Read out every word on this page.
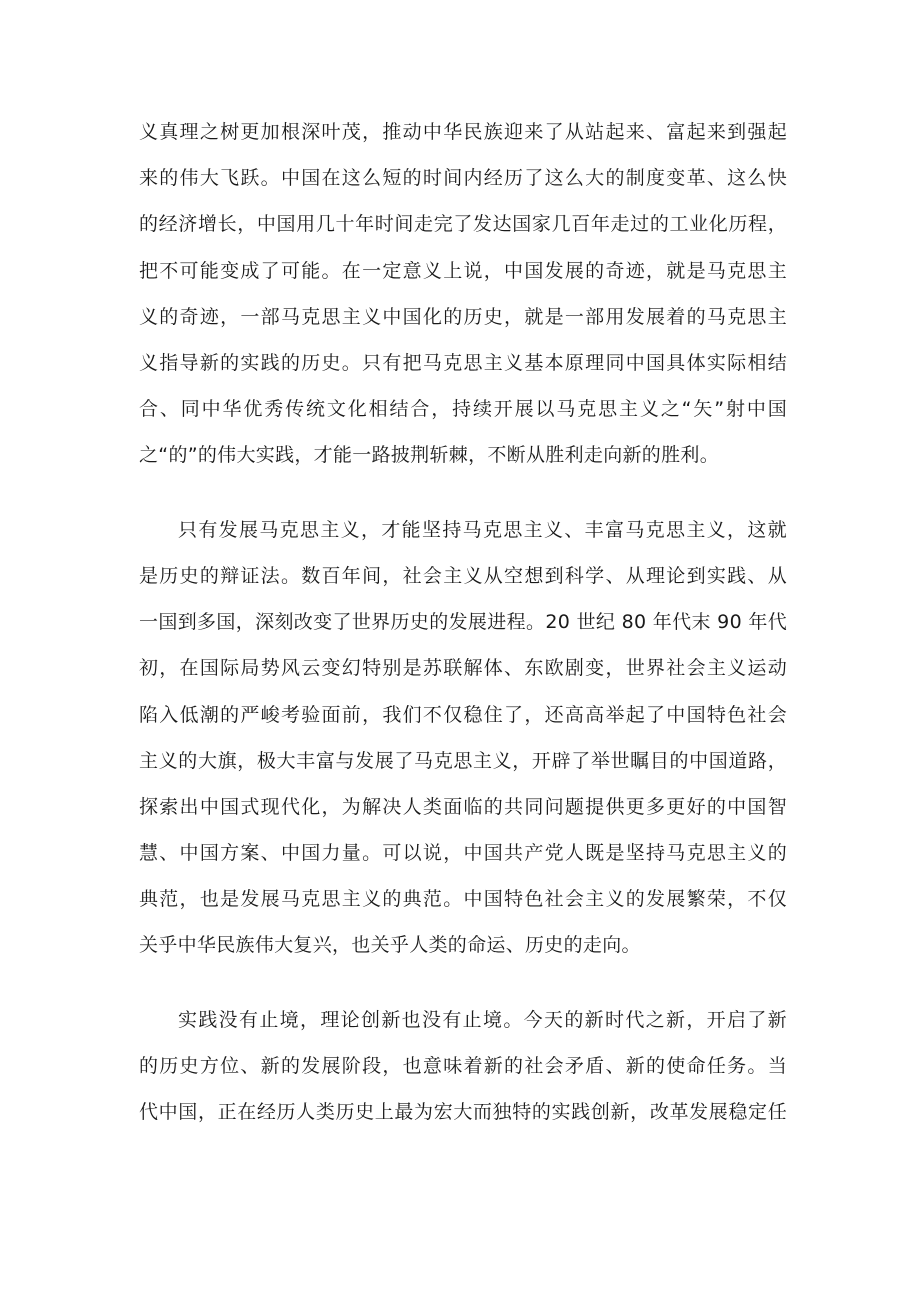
义真理之树更加根深叶茂，推动中华民族迎来了从站起来、富起来到强起
来的伟大飞跃。中国在这么短的时间内经历了这么大的制度变革、这么快
的经济增长，中国用几十年时间走完了发达国家几百年走过的工业化历程，
把不可能变成了可能。在一定意义上说，中国发展的奇迹，就是马克思主
义的奇迹，一部马克思主义中国化的历史，就是一部用发展着的马克思主
义指导新的实践的历史。只有把马克思主义基本原理同中国具体实际相结
合、同中华优秀传统文化相结合，持续开展以马克思主义之“矢”射中国
之“的”的伟大实践，才能一路披荆斩棘，不断从胜利走向新的胜利。
只有发展马克思主义，才能坚持马克思主义、丰富马克思主义，这就
是历史的辩证法。数百年间，社会主义从空想到科学、从理论到实践、从
一国到多国，深刻改变了世界历史的发展进程。20 世纪 80 年代末 90 年代
初，在国际局势风云变幻特别是苏联解体、东欧剧变，世界社会主义运动
陷入低潮的严峻考验面前，我们不仅稳住了，还高高举起了中国特色社会
主义的大旗，极大丰富与发展了马克思主义，开辟了举世瞩目的中国道路，
探索出中国式现代化，为解决人类面临的共同问题提供更多更好的中国智
慧、中国方案、中国力量。可以说，中国共产党人既是坚持马克思主义的
典范，也是发展马克思主义的典范。中国特色社会主义的发展繁荣，不仅
关乎中华民族伟大复兴，也关乎人类的命运、历史的走向。
实践没有止境，理论创新也没有止境。今天的新时代之新，开启了新
的历史方位、新的发展阶段，也意味着新的社会矛盾、新的使命任务。当
代中国，正在经历人类历史上最为宏大而独特的实践创新，改革发展稳定任
